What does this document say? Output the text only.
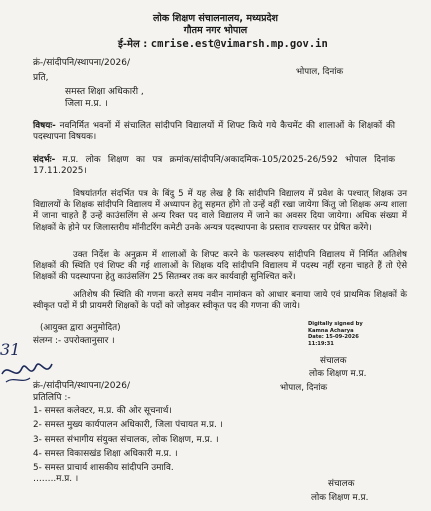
लोक शिक्षण संचालनालय, मध्यप्रदेश
गौतम नगर भोपाल
ई-मेल : cmrise.est@vimarsh.mp.gov.in
क्रं-/सांदीपनि/स्थापना/2026/
भोपाल, दिनांक
प्रति,
समस्त शिक्षा अधिकारी ,
जिला म.प्र. ।
विषयः- नवनिर्मित भवनों में संचालित सांदीपनि विद्यालयों में शिफ्ट किये गये कैचमेंट की शालाओं के शिक्षकों की पदस्थापना विषयक।
संदर्भः- म.प्र. लोक शिक्षण का पत्र क्रमांक/सांदीपनि/अकादमिक-105/2025-26/592 भोपाल दिनांक 17.11.2025।
विषयांतर्गत संदर्भित पत्र के बिंदु 5 में यह लेख है कि सांदीपनि विद्यालय में प्रवेश के पश्चात् शिक्षक उन विद्यालयों के शिक्षक सांदीपनि विद्यालय में अध्यापन हेतु सहमत होंगे तो उन्हें वहीं रखा जायेगा किंतु जो शिक्षक अन्य शाला में जाना चाहते हैं उन्हें काउंसलिंग से अन्य रिक्त पद वाले विद्यालय में जाने का अवसर दिया जायेगा। अधिक संख्या में शिक्षकों के होने पर जिलास्तरीय मॉनीटरिंग कमेटी उनके अन्यत्र पदस्थापना के प्रस्ताव राज्यस्तर पर प्रेषित करेंगे।
उक्त निर्देश के अनुक्रम में शालाओं के शिफ्ट करने के फलस्वरुप सांदीपनि विद्यालय में निर्मित अतिशेष शिक्षकों की स्थिति एवं शिफ्ट की गई शालाओं के शिक्षक यदि सांदीपनि विद्यालय में पदस्थ नहीं रहना चाहते हैं तो ऐसे शिक्षकों की पदस्थापना हेतु काउंसलिंग 25 सितम्बर तक कर कार्यवाही सुनिश्चित करें।
अतिशेष की स्थिति की गणना करते समय नवीन नामांकन को आधार बनाया जाये एवं प्राथमिक शिक्षकों के स्वीकृत पदों में प्री प्रायमरी शिक्षकों के पदों को जोड़कर स्वीकृत पद की गणना की जाये।
(आयुक्त द्वारा अनुमोदित)
संलग्न :- उपरोक्तानुसार ।
Digitally signed by
Kamna Acharya
Date: 15-09-2026
11:19:31
संचालक
लोक शिक्षण म.प्र.
31
क्रं-/सांदीपनि/स्थापना/2026/	भोपाल, दिनांक
प्रतिलिपि :-
1- समस्त कलेक्टर, म.प्र. की ओर सूचनार्थ।
2- समस्त मुख्य कार्यपालन अधिकारी, जिला पंचायत म.प्र. ।
3- समस्त संभागीय संयुक्त संचालक, लोक शिक्षण, म.प्र. ।
4- समस्त विकासखंड शिक्षा अधिकारी म.प्र. ।
5- समस्त प्राचार्य शासकीय सांदीपनि उमावि.
……..म.प्र. ।	संचालक
लोक शिक्षण म.प्र.
